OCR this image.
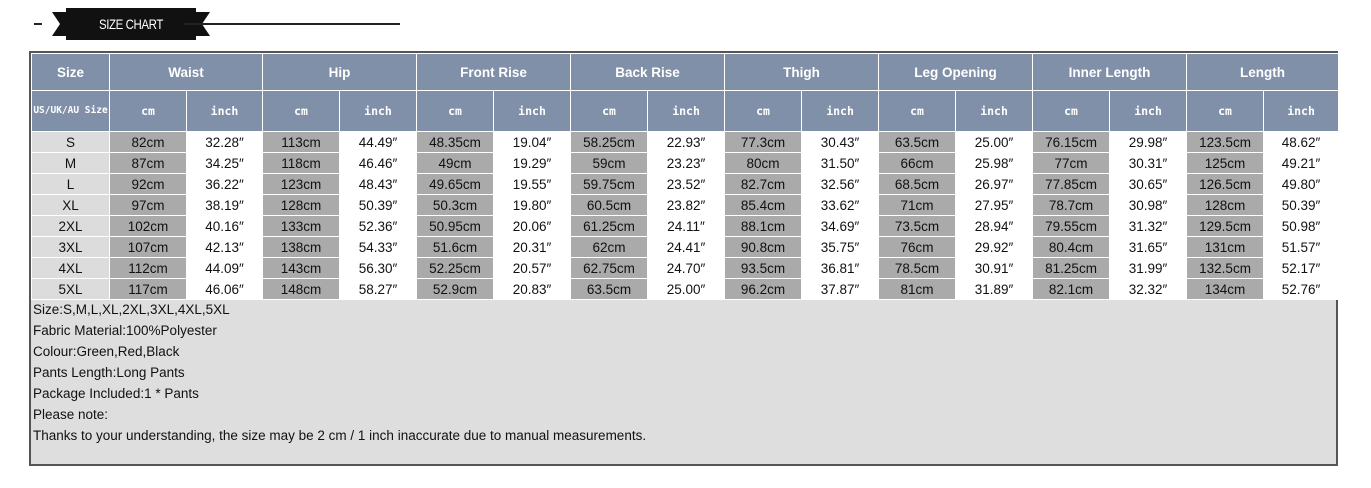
SIZE CHART
Size	Waist		Hip		Front Rise		Back Rise		Thigh		Leg Opening		Inner Length		Length	
US/UK/AU Size	cm	inch	cm	inch	cm	inch	cm	inch	cm	inch	cm	inch	cm	inch	cm	inch
S	82cm	32.28″	113cm	44.49″	48.35cm	19.04″	58.25cm	22.93″	77.3cm	30.43″	63.5cm	25.00″	76.15cm	29.98″	123.5cm	48.62″
M	87cm	34.25″	118cm	46.46″	49cm	19.29″	59cm	23.23″	80cm	31.50″	66cm	25.98″	77cm	30.31″	125cm	49.21″
L	92cm	36.22″	123cm	48.43″	49.65cm	19.55″	59.75cm	23.52″	82.7cm	32.56″	68.5cm	26.97″	77.85cm	30.65″	126.5cm	49.80″
XL	97cm	38.19″	128cm	50.39″	50.3cm	19.80″	60.5cm	23.82″	85.4cm	33.62″	71cm	27.95″	78.7cm	30.98″	128cm	50.39″
2XL	102cm	40.16″	133cm	52.36″	50.95cm	20.06″	61.25cm	24.11″	88.1cm	34.69″	73.5cm	28.94″	79.55cm	31.32″	129.5cm	50.98″
3XL	107cm	42.13″	138cm	54.33″	51.6cm	20.31″	62cm	24.41″	90.8cm	35.75″	76cm	29.92″	80.4cm	31.65″	131cm	51.57″
4XL	112cm	44.09″	143cm	56.30″	52.25cm	20.57″	62.75cm	24.70″	93.5cm	36.81″	78.5cm	30.91″	81.25cm	31.99″	132.5cm	52.17″
5XL	117cm	46.06″	148cm	58.27″	52.9cm	20.83″	63.5cm	25.00″	96.2cm	37.87″	81cm	31.89″	82.1cm	32.32″	134cm	52.76″
Size:S,M,L,XL,2XL,3XL,4XL,5XL
Fabric Material:100%Polyester
Colour:Green,Red,Black
Pants Length:Long Pants
Package Included:1 * Pants
Please note:
Thanks to your understanding, the size may be 2 cm / 1 inch inaccurate due to manual measurements.
